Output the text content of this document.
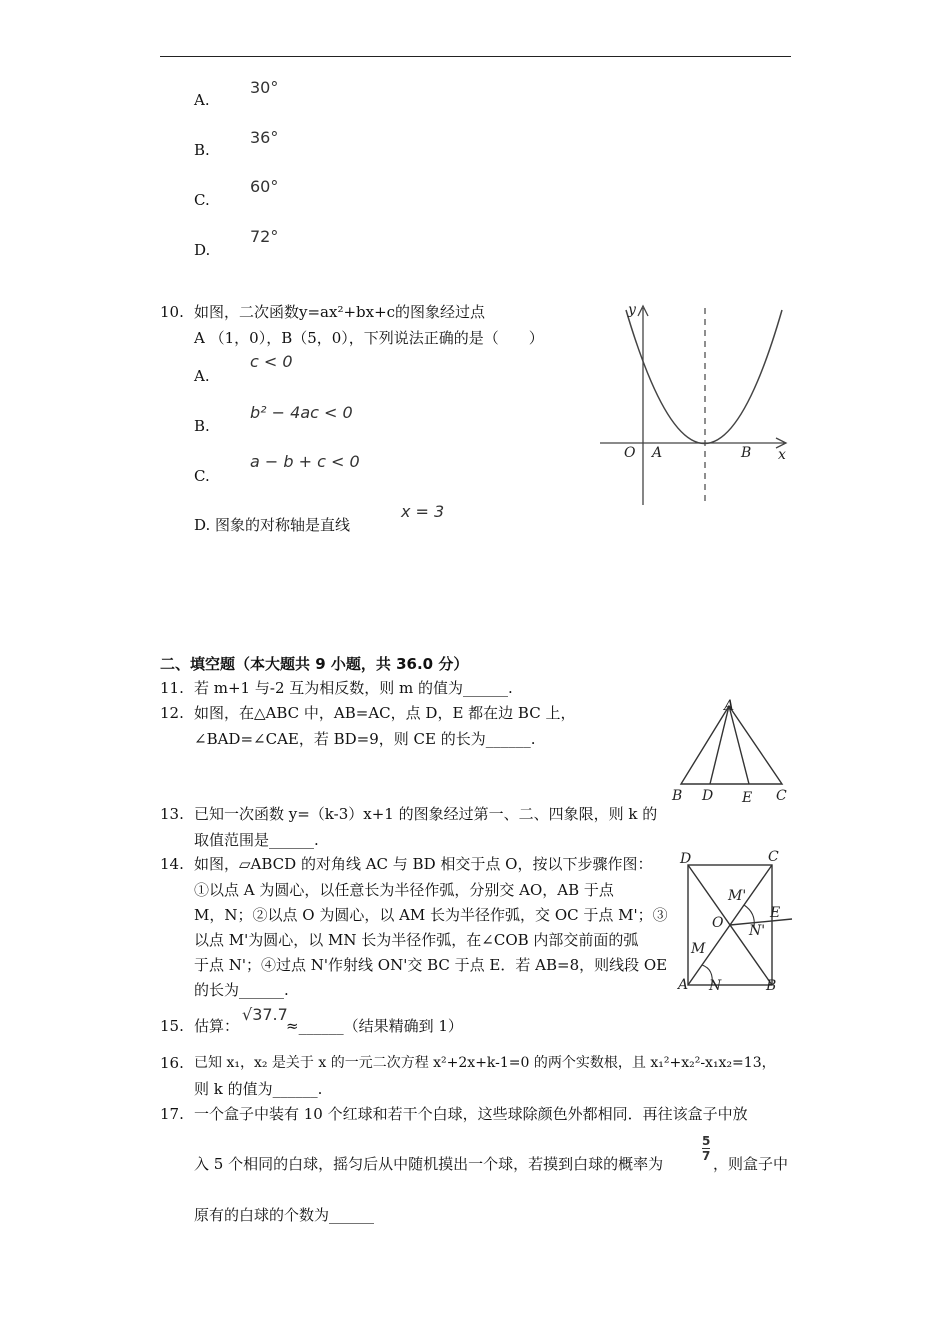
A.
30°
B.
36°
C.
60°
D.
72°
10. 如图，二次函数y=ax²+bx+c的图象经过点
A （1，0），B（5，0），下列说法正确的是（　　）
A.
c < 0
B.
b² − 4ac < 0
C.
a − b + c < 0
D. 图象的对称轴是直线
x = 3
y
x
O A	B
二、填空题（本大题共 9 小题，共 36.0 分）
11. 若 m+1 与-2 互为相反数，则 m 的值为______.
12. 如图，在△ABC 中，AB=AC，点 D，E 都在边 BC 上，
∠BAD=∠CAE，若 BD=9，则 CE 的长为______.
A
B D E C
13. 已知一次函数 y=（k-3）x+1 的图象经过第一、二、四象限，则 k 的
取值范围是______.
14. 如图，▱ABCD 的对角线 AC 与 BD 相交于点 O，按以下步骤作图：
①以点 A 为圆心，以任意长为半径作弧，分别交 AO，AB 于点
M，N；②以点 O 为圆心，以 AM 长为半径作弧，交 OC 于点 M'；③
以点 M'为圆心，以 MN 长为半径作弧，在∠COB 内部交前面的弧
于点 N'；④过点 N'作射线 ON'交 BC 于点 E．若 AB=8，则线段 OE
的长为______.
D	C
M'
O
E
N'
M
A N	B
15. 估算：
√37.7
≈______（结果精确到 1）
16. 已知 x₁，x₂ 是关于 x 的一元二次方程 x²+2x+k-1=0 的两个实数根，且 x₁²+x₂²-x₁x₂=13，
则 k 的值为______.
17. 一个盒子中装有 10 个红球和若干个白球，这些球除颜色外都相同．再往该盒子中放
入 5 个相同的白球，摇匀后从中随机摸出一个球，若摸到白球的概率为
$\frac{5}{7}$
，则盒子中
原有的白球的个数为______
